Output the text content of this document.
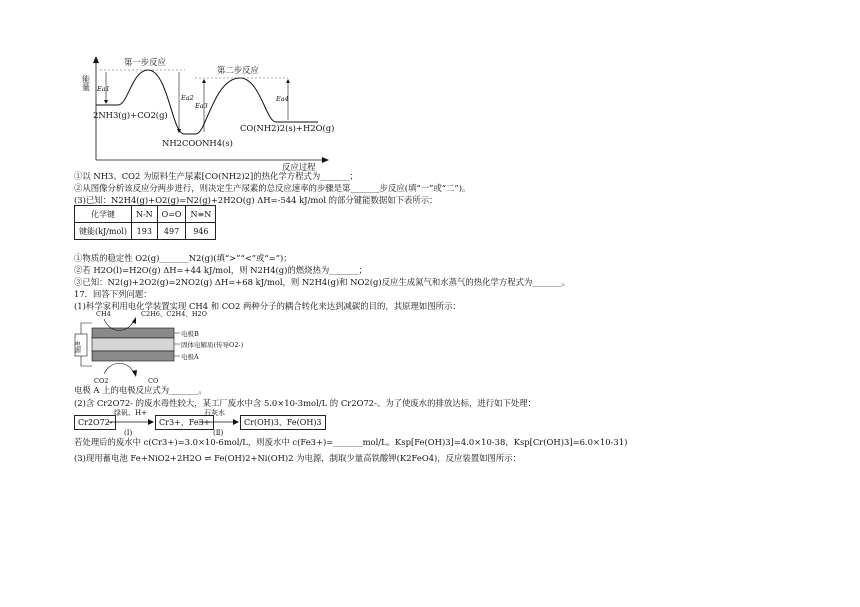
能量
反应过程
第一步反应
第二步反应
Ea1
Ea2
Ea3
Ea4
2NH3(g)+CO2(g)
NH2COONH4(s)
CO(NH2)2(s)+H2O(g)
①以 NH3、CO2 为原料生产尿素[CO(NH2)2]的热化学方程式为_______；
②从图像分析该反应分两步进行，则决定生产尿素的总反应速率的步骤是第_______步反应(填“一”或“二”)。
(3)已知：N2H4(g)+O2(g)=N2(g)+2H2O(g) ΔH=-544 kJ/mol 的部分键能数据如下表所示：
化学键	N-N	O=O	N≡N
键能(kJ/mol)	193	497	946
①物质的稳定性 O2(g)_______N2(g)(填“>”“<”或“=”)；
②若 H2O(l)=H2O(g) ΔH=+44 kJ/mol，则 N2H4(g)的燃烧热为_______；
③已知：N2(g)+2O2(g)=2NO2(g) ΔH=+68 kJ/mol，则 N2H4(g)和 NO2(g)反应生成氮气和水蒸气的热化学方程式为_______。
17．回答下列问题：
(1)科学家利用电化学装置实现 CH4 和 CO2 两种分子的耦合转化来达到减碳的目的，其原理如图所示：
电源
CH4	C2H6、C2H4、H2O
电极B
固体电解质(传导O2-)
电极A
CO2	CO
电极 A 上的电极反应式为_______。
(2)含 Cr2O72- 的废水毒性较大，某工厂废水中含 5.0×10-3mol/L 的 Cr2O72-。为了使废水的排放达标，进行如下处理：
Cr2O72-
绿矾、H+
(Ⅰ)
Cr3+、Fe3+
石灰水
(Ⅱ)
Cr(OH)3、Fe(OH)3
若处理后的废水中 c(Cr3+)=3.0×10-6mol/L，则废水中 c(Fe3+)=_______mol/L。Ksp[Fe(OH)3]=4.0×10-38，Ksp[Cr(OH)3]=6.0×10-31)
(3)现用蓄电池 Fe+NiO2+2H2O ⇌ Fe(OH)2+Ni(OH)2 为电源，制取少量高铁酸钾(K2FeO4)，反应装置如图所示：
